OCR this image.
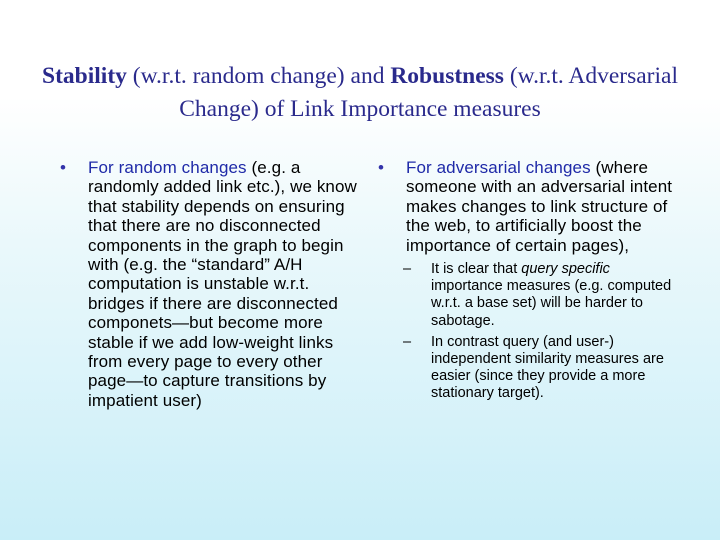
Stability (w.r.t. random change) and Robustness (w.r.t. Adversarial Change) of Link Importance measures
•	For random changes (e.g. a randomly added link etc.), we know that stability depends on ensuring that there are no disconnected components in the graph to begin with (e.g. the “standard” A/H computation is unstable w.r.t. bridges if there are disconnected componets—but become more stable if we add low-weight links from every page to every other page—to capture transitions by impatient user)
•	For adversarial changes (where someone with an adversarial intent makes changes to link structure of the web, to artificially boost the importance of certain pages),
–	It is clear that query specific importance measures (e.g. computed w.r.t. a base set) will be harder to sabotage.
–	In contrast query (and user-) independent similarity measures are easier (since they provide a more stationary target).
